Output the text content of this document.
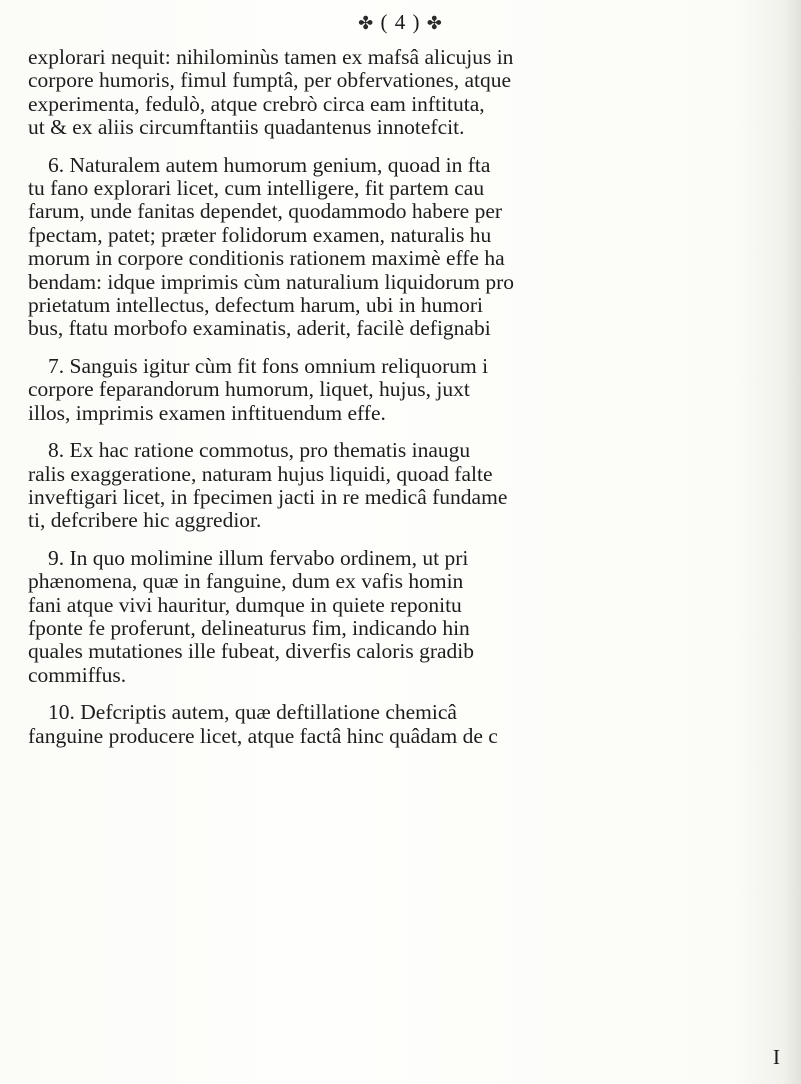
✤ ( 4 ) ✤
explorari nequit: nihilominùs tamen ex mafsâ alicujus in
corpore humoris, fimul fumptâ, per obfervationes, atque
experimenta, fedulò, atque crebrò circa eam inftituta,
ut & ex aliis circumftantiis quadantenus innotefcit.
6. Naturalem autem humorum genium, quoad in fta
tu fano explorari licet, cum intelligere, fit partem cau
farum, unde fanitas dependet, quodammodo habere per
fpectam, patet; præter folidorum examen, naturalis hu
morum in corpore conditionis rationem maximè effe ha
bendam: idque imprimis cùm naturalium liquidorum pro
prietatum intellectus, defectum harum, ubi in humori
bus, ftatu morbofo examinatis, aderit, facilè defignabi
7. Sanguis igitur cùm fit fons omnium reliquorum i
corpore feparandorum humorum, liquet, hujus, juxt
illos, imprimis examen inftituendum effe.
8. Ex hac ratione commotus, pro thematis inaugu
ralis exaggeratione, naturam hujus liquidi, quoad falte
inveftigari licet, in fpecimen jacti in re medicâ fundame
ti, defcribere hic aggredior.
9. In quo molimine illum fervabo ordinem, ut pri
phænomena, quæ in fanguine, dum ex vafis homin
fani atque vivi hauritur, dumque in quiete reponitu
fponte fe proferunt, delineaturus fim, indicando hin
quales mutationes ille fubeat, diverfis caloris gradib
commiffus.
10. Defcriptis autem, quæ deftillatione chemicâ
fanguine producere licet, atque factâ hinc quâdam de c
I
